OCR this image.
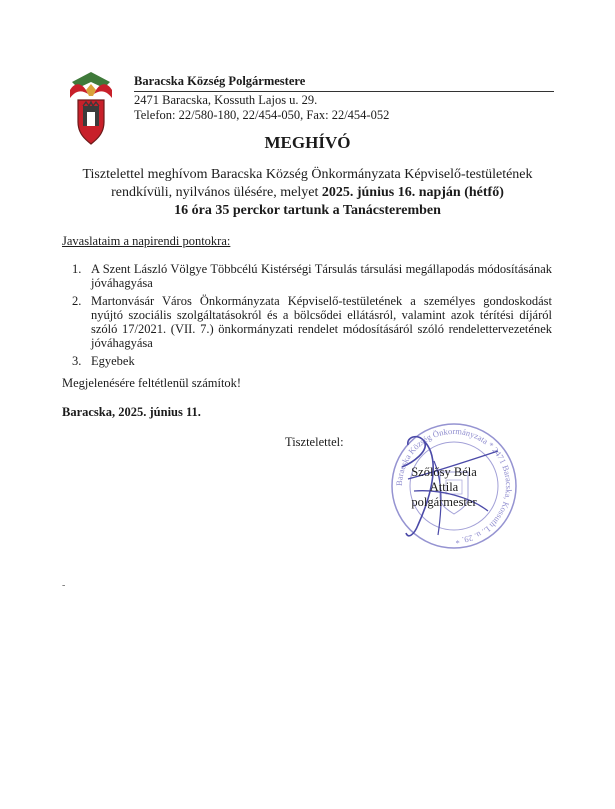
Baracska Község Polgármestere
2471 Baracska, Kossuth Lajos u. 29.
Telefon: 22/580-180, 22/454-050, Fax: 22/454-052
MEGHÍVÓ
Tisztelettel meghívom Baracska Község Önkormányzata Képviselő-testületének rendkívüli, nyilvános ülésére, melyet 2025. június 16. napján (hétfő)
16 óra 35 perckor tartunk a Tanácsteremben
Javaslataim a napirendi pontokra:
1. A Szent László Völgye Többcélú Kistérségi Társulás társulási megállapodás módosításának jóváhagyása
2. Martonvásár Város Önkormányzata Képviselő-testületének a személyes gondoskodást nyújtó szociális szolgáltatásokról és a bölcsődei ellátásról, valamint azok térítési díjáról szóló 17/2021. (VII. 7.) önkormányzati rendelet módosításáról szóló rendelettervezetének jóváhagyása
3. Egyebek
Megjelenésére feltétlenül számítok!
Baracska, 2025. június 11.
Tisztelettel:
Baracska Község Önkormányzata * 2471 Baracska, Kossuth L. u. 29. *
Szőlősy Béla Attila
polgármester
-
